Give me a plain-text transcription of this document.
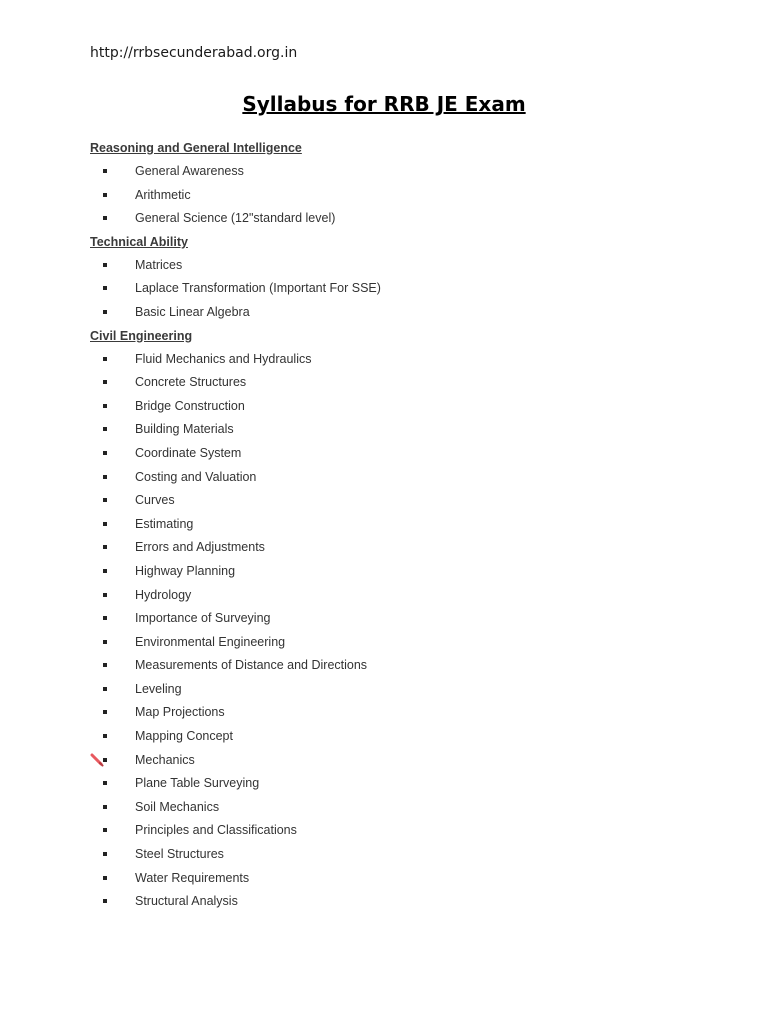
http://rrbsecunderabad.org.in
Syllabus for RRB JE Exam
Reasoning and General Intelligence
General Awareness
Arithmetic
General Science (12"standard level)
Technical Ability
Matrices
Laplace Transformation (Important For SSE)
Basic Linear Algebra
Civil Engineering
Fluid Mechanics and Hydraulics
Concrete Structures
Bridge Construction
Building Materials
Coordinate System
Costing and Valuation
Curves
Estimating
Errors and Adjustments
Highway Planning
Hydrology
Importance of Surveying
Environmental Engineering
Measurements of Distance and Directions
Leveling
Map Projections
Mapping Concept
Mechanics
Plane Table Surveying
Soil Mechanics
Principles and Classifications
Steel Structures
Water Requirements
Structural Analysis
